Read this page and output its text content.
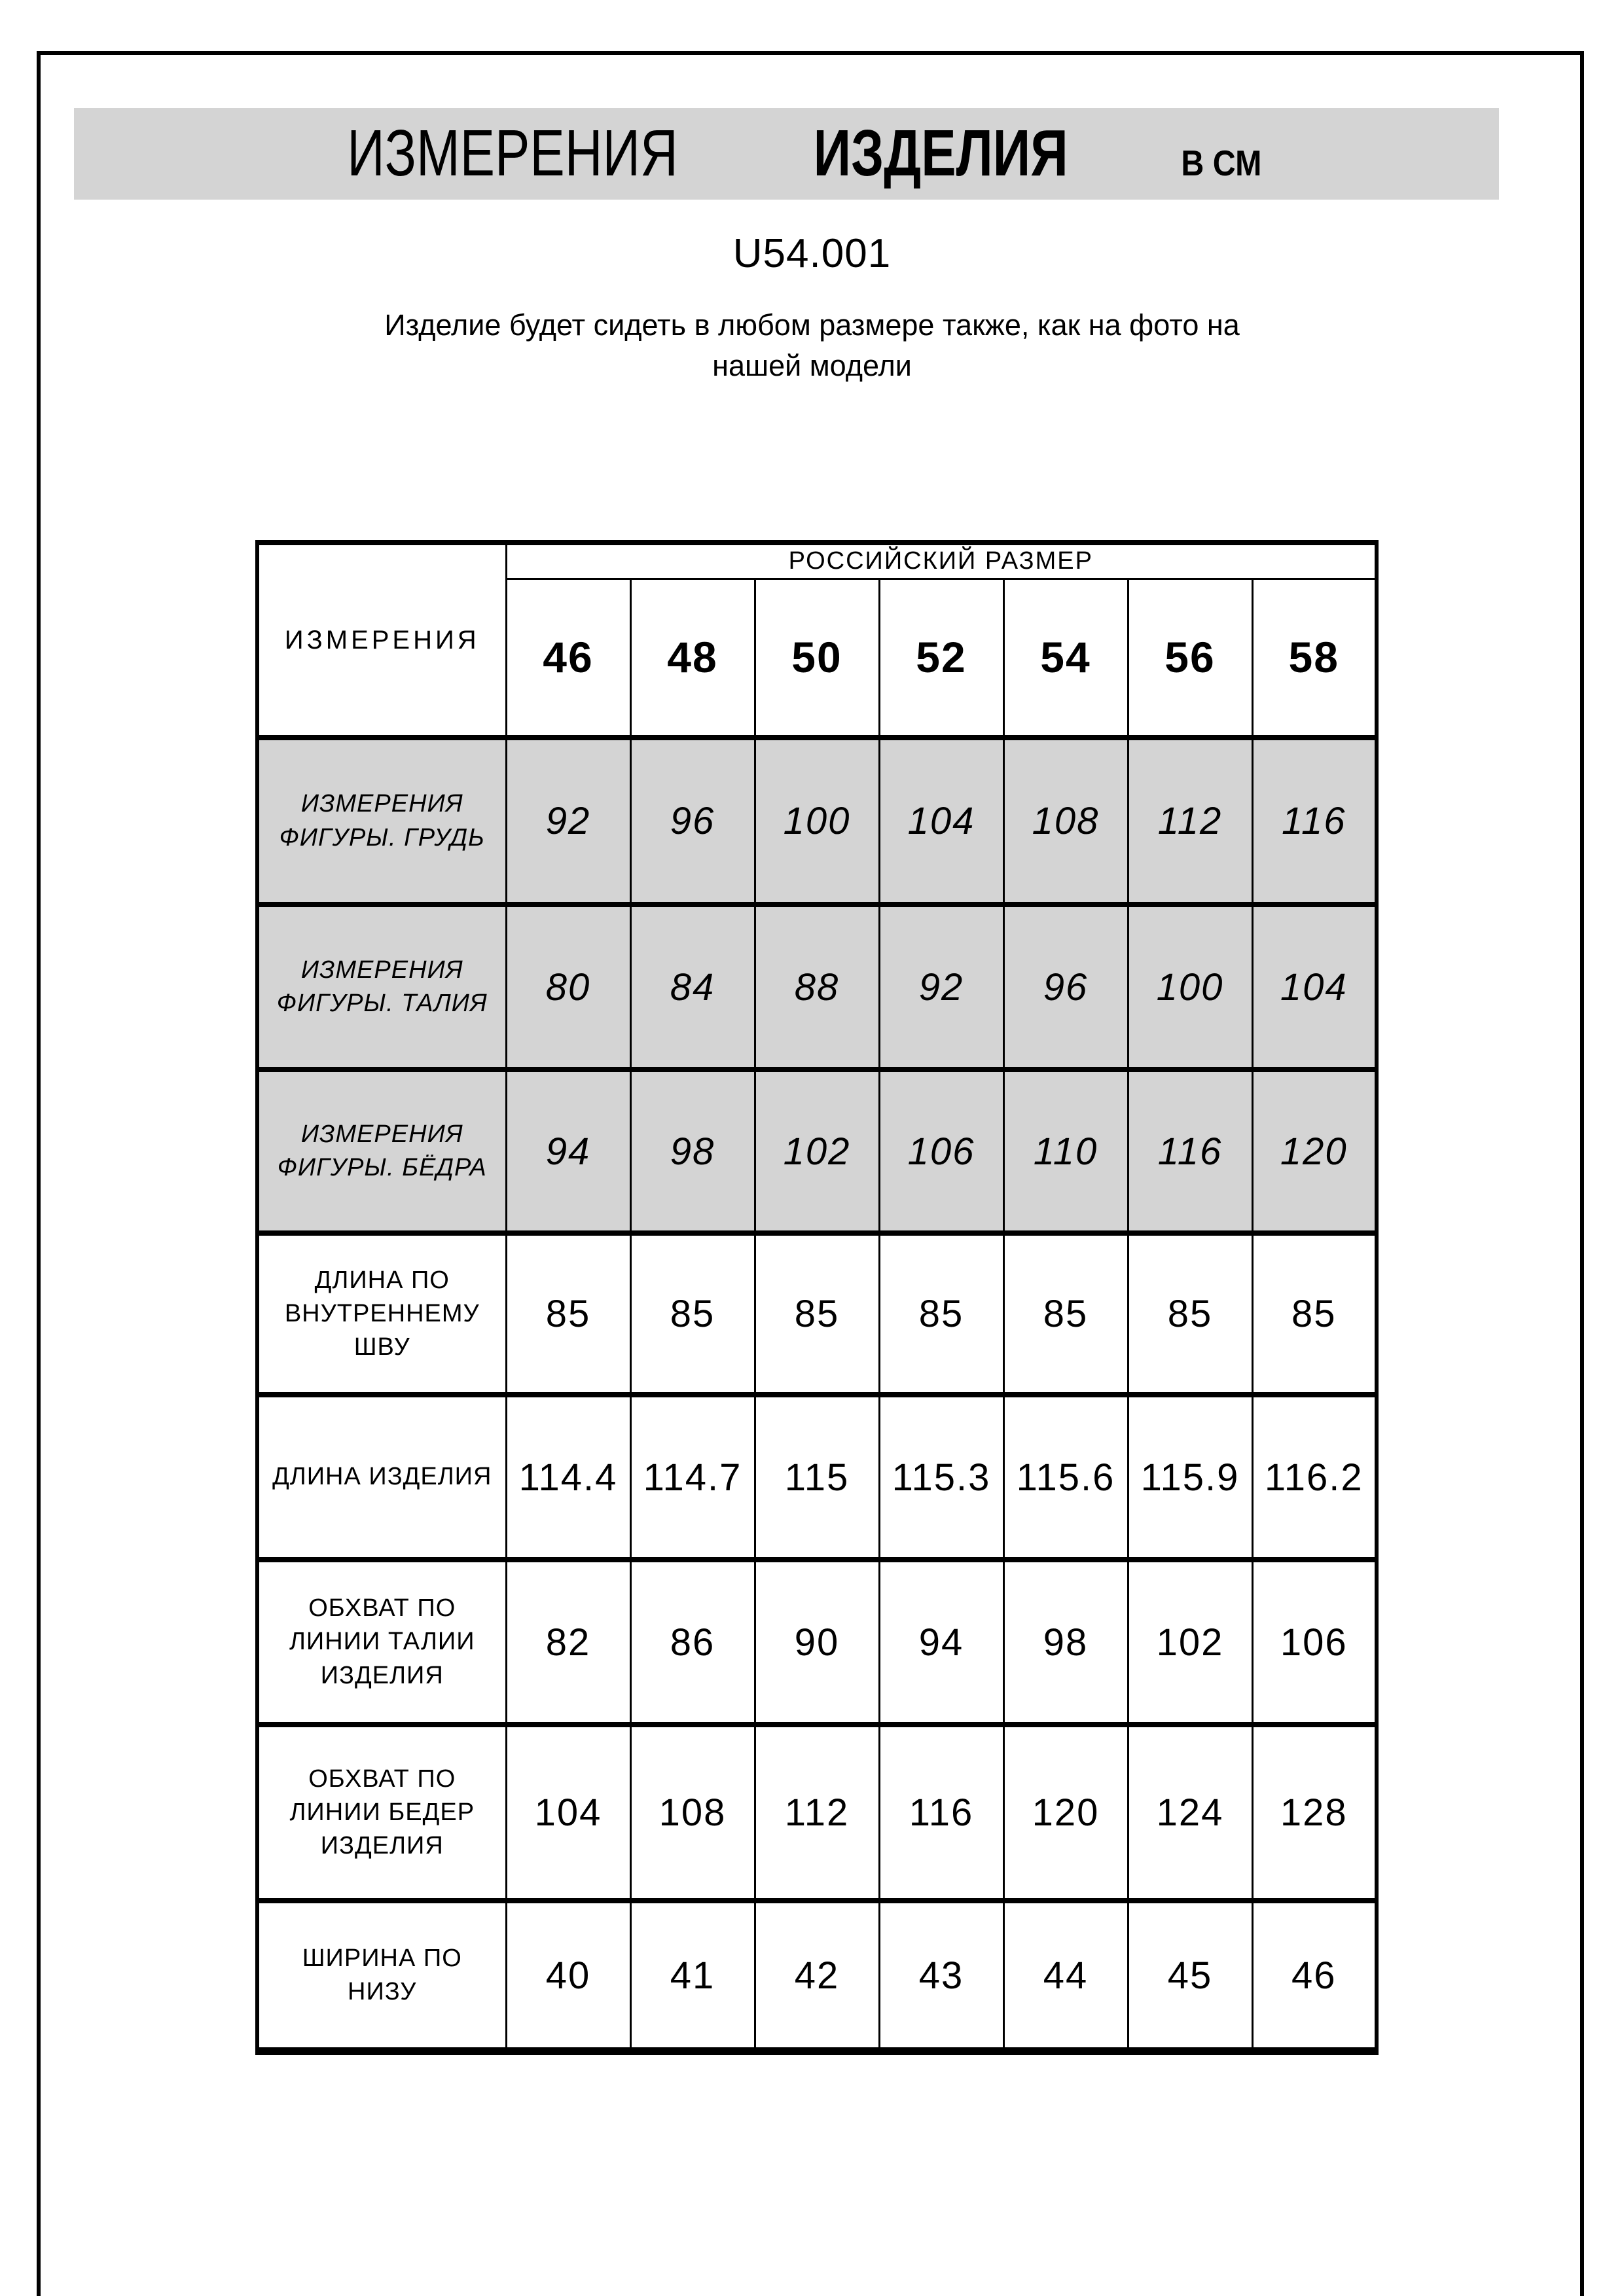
ИЗМЕРЕНИЯ ИЗДЕЛИЯ	В СМ
U54.001
Изделие будет сидеть в любом размере также, как на фото на
нашей модели
ИЗМЕРЕНИЯ	РОССИЙСКИЙ РАЗМЕР						
	46	48	50	52	54	56	58
ИЗМЕРЕНИЯ ФИГУРЫ. ГРУДЬ	92	96	100	104	108	112	116
ИЗМЕРЕНИЯ ФИГУРЫ. ТАЛИЯ	80	84	88	92	96	100	104
ИЗМЕРЕНИЯ ФИГУРЫ. БЁДРА	94	98	102	106	110	116	120
ДЛИНА ПО ВНУТРЕННЕМУ ШВУ	85	85	85	85	85	85	85
ДЛИНА ИЗДЕЛИЯ	114.4	114.7	115	115.3	115.6	115.9	116.2
ОБХВАТ ПО ЛИНИИ ТАЛИИ ИЗДЕЛИЯ	82	86	90	94	98	102	106
ОБХВАТ ПО ЛИНИИ БЕДЕР ИЗДЕЛИЯ	104	108	112	116	120	124	128
ШИРИНА ПО НИЗУ	40	41	42	43	44	45	46
